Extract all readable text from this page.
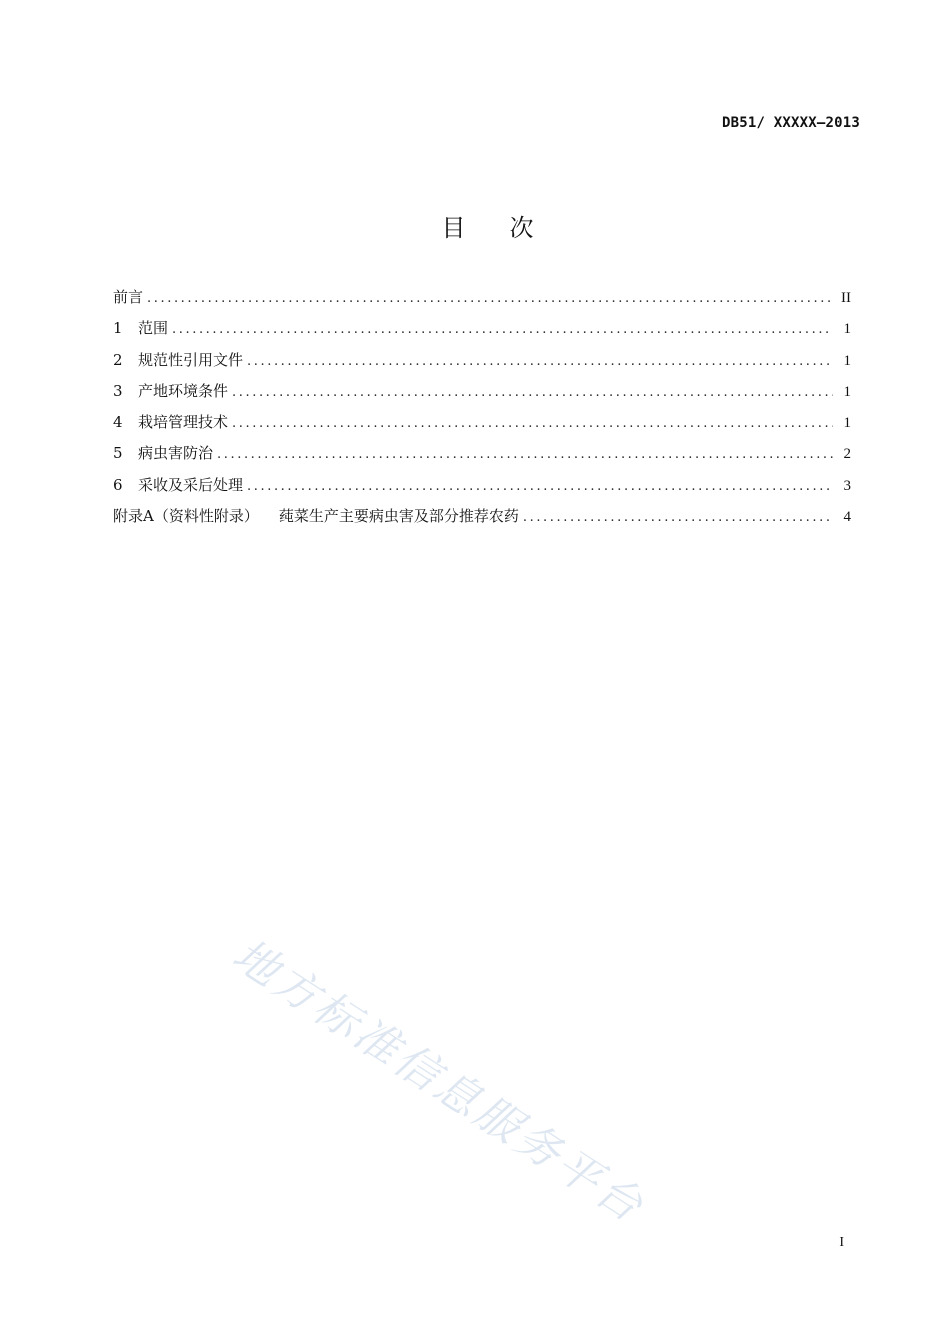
DB51/ XXXXX—2013
目 次
前言 .....	II
1	范围 .....	1
2	规范性引用文件 .....	1
3	产地环境条件 .....	1
4	栽培管理技术 .....	1
5	病虫害防治 .....	2
6	采收及采后处理 .....	3
附录A（资料性附录） 莼菜生产主要病虫害及部分推荐农药 .....	4
地方标准信息服务平台
I
